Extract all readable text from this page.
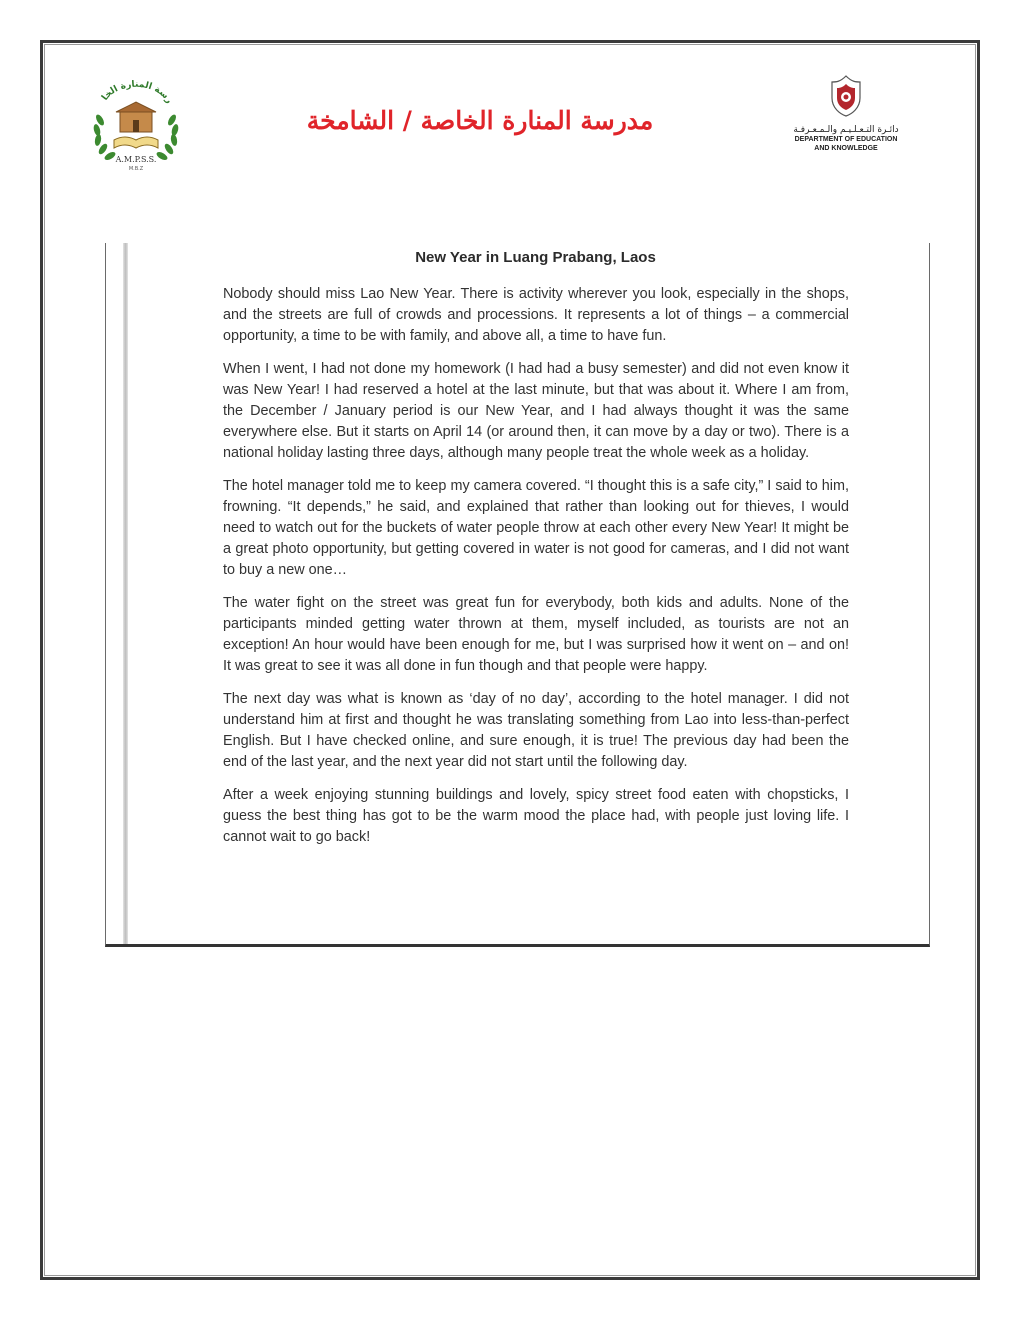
رسة المنارة الخا
A.M.P.S.S.
M.B.Z
مدرسة المنارة الخاصة / الشامخة	دائـرة التـعـلـيـم والـمـعـرفـة
DEPARTMENT OF EDUCATION
AND KNOWLEDGE
New Year in Luang Prabang, Laos

Nobody should miss Lao New Year. There is activity wherever you look, especially in the shops, and the streets are full of crowds and processions. It represents a lot of things – a commercial opportunity, a time to be with family, and above all, a time to have fun.

When I went, I had not done my homework (I had had a busy semester) and did not even know it was New Year! I had reserved a hotel at the last minute, but that was about it. Where I am from, the December / January period is our New Year, and I had always thought it was the same everywhere else. But it starts on April 14 (or around then, it can move by a day or two). There is a national holiday lasting three days, although many people treat the whole week as a holiday.

The hotel manager told me to keep my camera covered. “I thought this is a safe city,” I said to him, frowning. “It depends,” he said, and explained that rather than looking out for thieves, I would need to watch out for the buckets of water people throw at each other every New Year! It might be a great photo opportunity, but getting covered in water is not good for cameras, and I did not want to buy a new one…

The water fight on the street was great fun for everybody, both kids and adults. None of the participants minded getting water thrown at them, myself included, as tourists are not an exception! An hour would have been enough for me, but I was surprised how it went on – and on! It was great to see it was all done in fun though and that people were happy.

The next day was what is known as ‘day of no day’, according to the hotel manager. I did not understand him at first and thought he was translating something from Lao into less-than-perfect English. But I have checked online, and sure enough, it is true! The previous day had been the end of the last year, and the next year did not start until the following day.

After a week enjoying stunning buildings and lovely, spicy street food eaten with chopsticks, I guess the best thing has got to be the warm mood the place had, with people just loving life. I cannot wait to go back!
